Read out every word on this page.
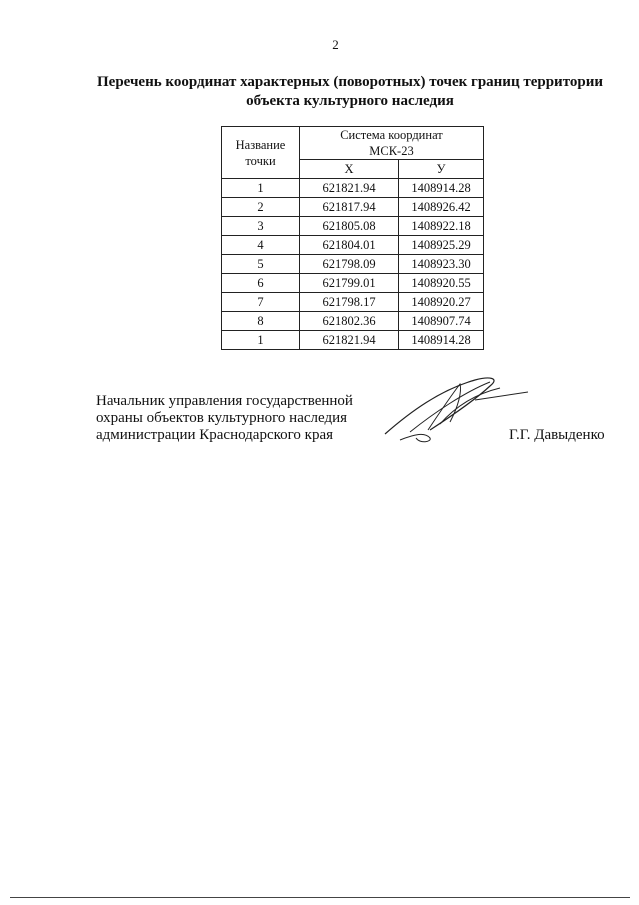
2
Перечень координат характерных (поворотных) точек границ территории
объекта культурного наследия
Название точки	Система координат
МСК-23	

	Х	У
1	621821.94	1408914.28
2	621817.94	1408926.42
3	621805.08	1408922.18
4	621804.01	1408925.29
5	621798.09	1408923.30
6	621799.01	1408920.55
7	621798.17	1408920.27
8	621802.36	1408907.74
1	621821.94	1408914.28
Начальник управления государственной
охраны объектов культурного наследия
администрации Краснодарского края	Г.Г. Давыденко
